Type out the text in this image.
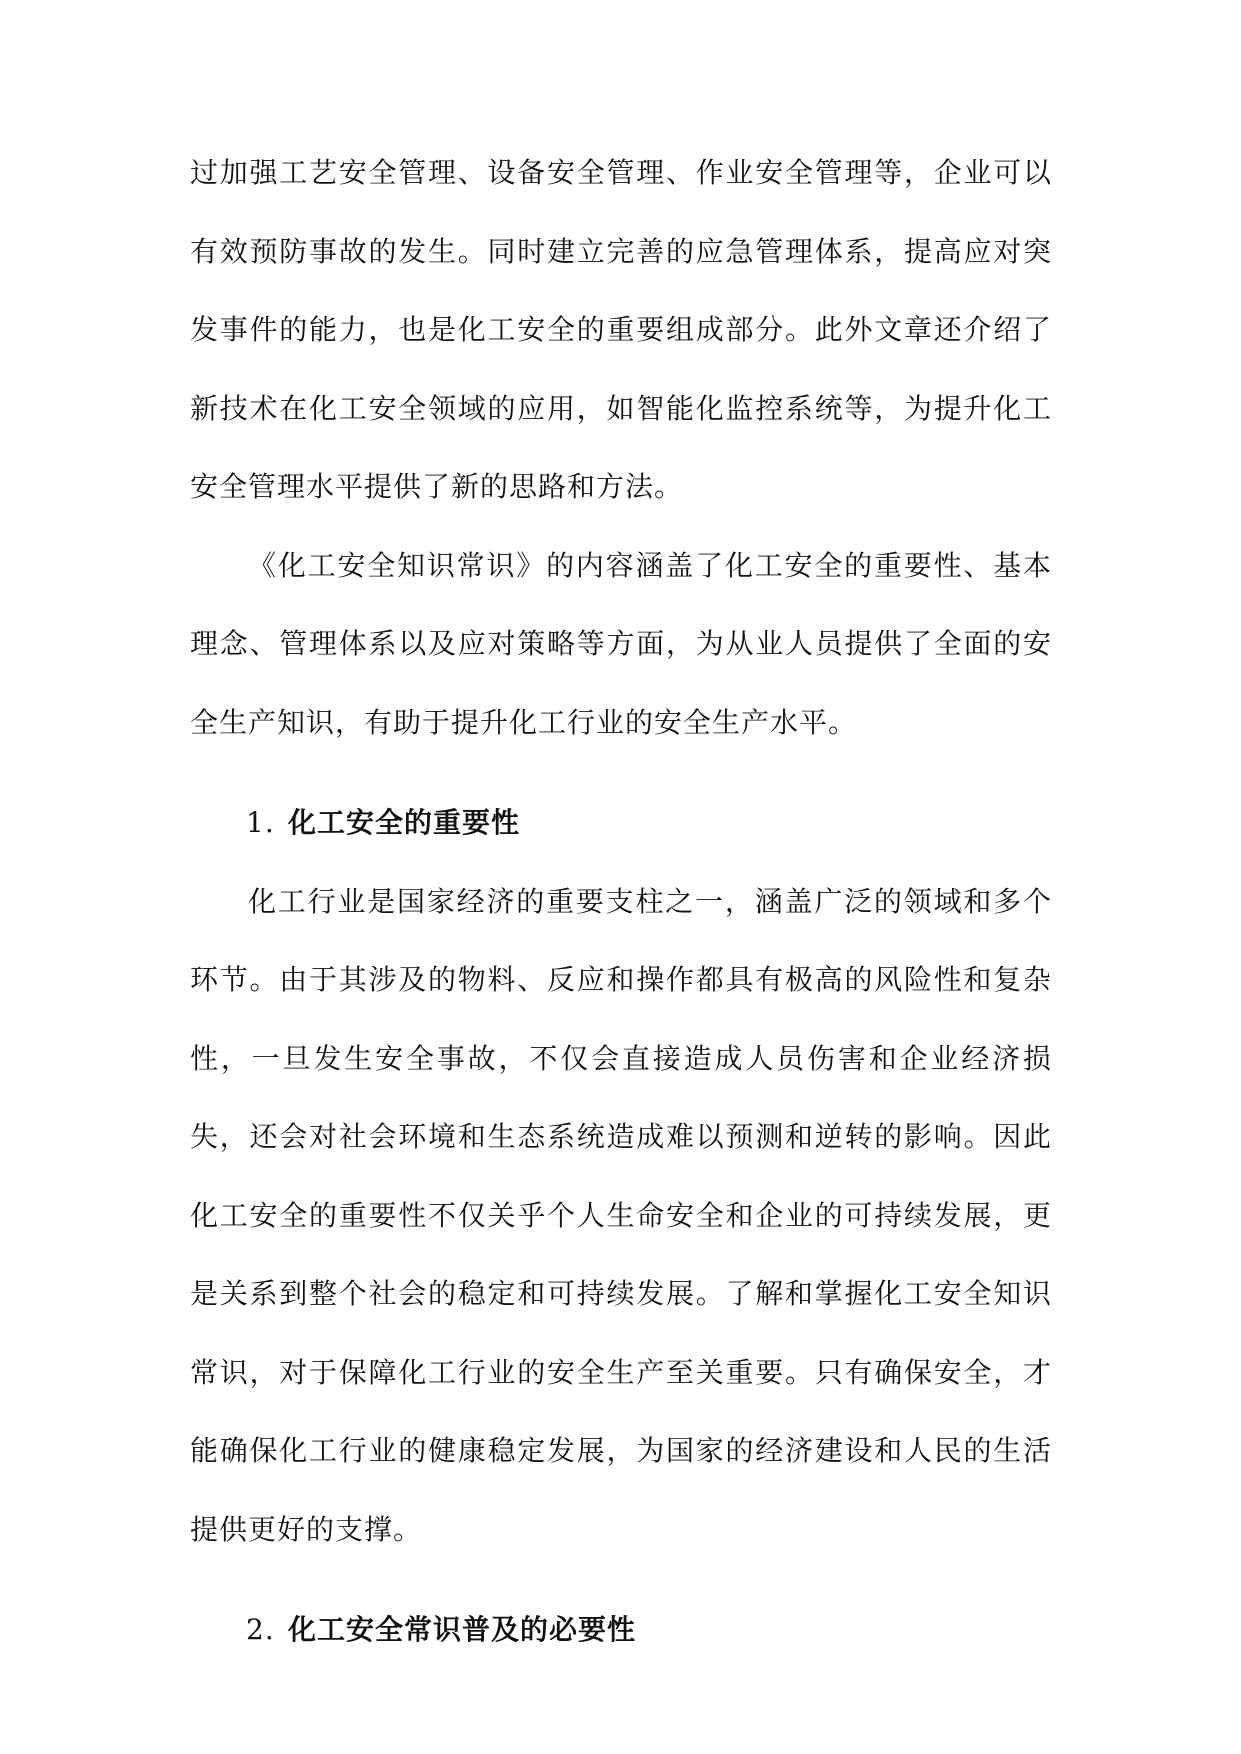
过加强工艺安全管理、设备安全管理、作业安全管理等，企业可以有效预防事故的发生。同时建立完善的应急管理体系，提高应对突发事件的能力，也是化工安全的重要组成部分。此外文章还介绍了新技术在化工安全领域的应用，如智能化监控系统等，为提升化工安全管理水平提供了新的思路和方法。

《化工安全知识常识》的内容涵盖了化工安全的重要性、基本理念、管理体系以及应对策略等方面，为从业人员提供了全面的安全生产知识，有助于提升化工行业的安全生产水平。

1. 化工安全的重要性

化工行业是国家经济的重要支柱之一，涵盖广泛的领域和多个环节。由于其涉及的物料、反应和操作都具有极高的风险性和复杂性，一旦发生安全事故，不仅会直接造成人员伤害和企业经济损失，还会对社会环境和生态系统造成难以预测和逆转的影响。因此化工安全的重要性不仅关乎个人生命安全和企业的可持续发展，更是关系到整个社会的稳定和可持续发展。了解和掌握化工安全知识常识，对于保障化工行业的安全生产至关重要。只有确保安全，才能确保化工行业的健康稳定发展，为国家的经济建设和人民的生活提供更好的支撑。

2. 化工安全常识普及的必要性
